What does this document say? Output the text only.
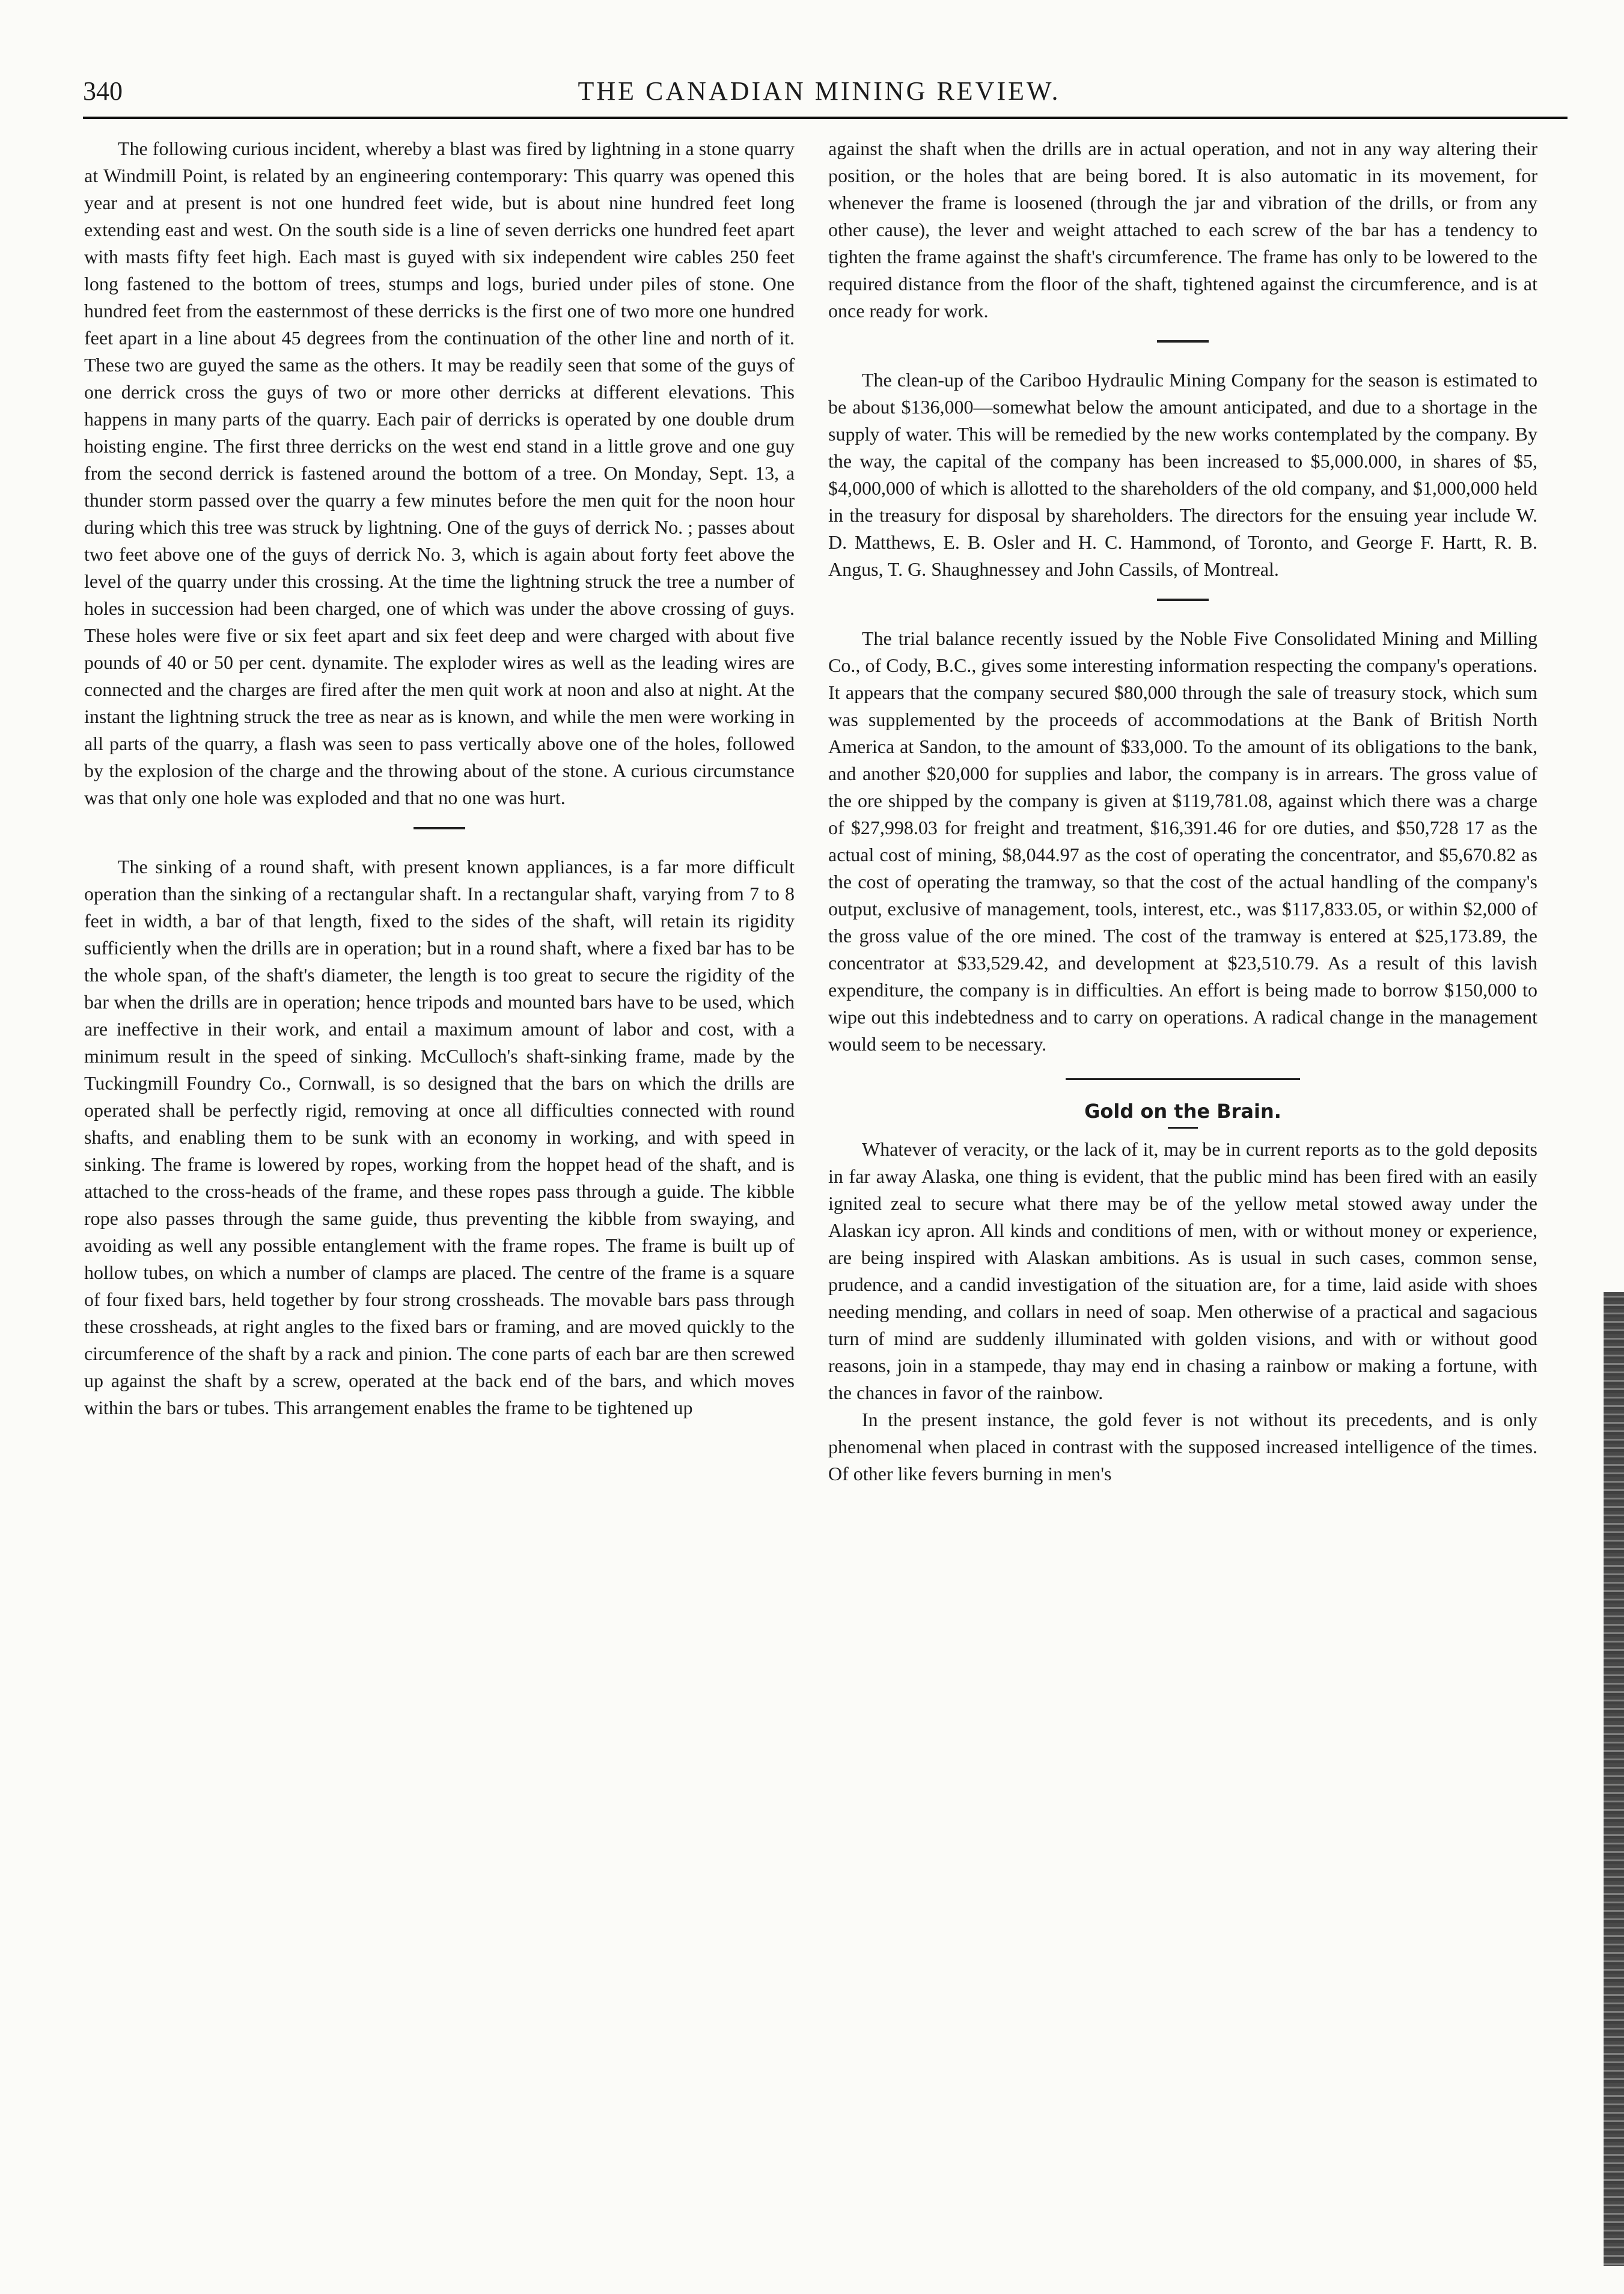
340	THE CANADIAN MINING REVIEW.

The following curious incident, whereby a blast was fired by lightning in a stone quarry at Windmill Point, is related by an engineering contemporary: This quarry was opened this year and at present is not one hundred feet wide, but is about nine hundred feet long extending east and west. On the south side is a line of seven derricks one hundred feet apart with masts fifty feet high. Each mast is guyed with six independent wire cables 250 feet long fastened to the bottom of trees, stumps and logs, buried under piles of stone. One hundred feet from the easternmost of these derricks is the first one of two more one hundred feet apart in a line about 45 degrees from the continuation of the other line and north of it. These two are guyed the same as the others. It may be readily seen that some of the guys of one derrick cross the guys of two or more other derricks at different elevations. This happens in many parts of the quarry. Each pair of derricks is operated by one double drum hoisting engine. The first three derricks on the west end stand in a little grove and one guy from the second derrick is fastened around the bottom of a tree. On Monday, Sept. 13, a thunder storm passed over the quarry a few minutes before the men quit for the noon hour during which this tree was struck by lightning. One of the guys of derrick No. ; passes about two feet above one of the guys of derrick No. 3, which is again about forty feet above the level of the quarry under this crossing. At the time the lightning struck the tree a number of holes in succession had been charged, one of which was under the above crossing of guys. These holes were five or six feet apart and six feet deep and were charged with about five pounds of 40 or 50 per cent. dynamite. The exploder wires as well as the leading wires are connected and the charges are fired after the men quit work at noon and also at night. At the instant the lightning struck the tree as near as is known, and while the men were working in all parts of the quarry, a flash was seen to pass vertically above one of the holes, followed by the explosion of the charge and the throwing about of the stone. A curious circumstance was that only one hole was exploded and that no one was hurt.

The sinking of a round shaft, with present known appliances, is a far more difficult operation than the sinking of a rectangular shaft. In a rectangular shaft, varying from 7 to 8 feet in width, a bar of that length, fixed to the sides of the shaft, will retain its rigidity sufficiently when the drills are in operation; but in a round shaft, where a fixed bar has to be the whole span, of the shaft's diameter, the length is too great to secure the rigidity of the bar when the drills are in operation; hence tripods and mounted bars have to be used, which are ineffective in their work, and entail a maximum amount of labor and cost, with a minimum result in the speed of sinking. McCulloch's shaft-sinking frame, made by the Tuckingmill Foundry Co., Cornwall, is so designed that the bars on which the drills are operated shall be perfectly rigid, removing at once all difficulties connected with round shafts, and enabling them to be sunk with an economy in working, and with speed in sinking. The frame is lowered by ropes, working from the hoppet head of the shaft, and is attached to the cross-heads of the frame, and these ropes pass through a guide. The kibble rope also passes through the same guide, thus preventing the kibble from swaying, and avoiding as well any possible entanglement with the frame ropes. The frame is built up of hollow tubes, on which a number of clamps are placed. The centre of the frame is a square of four fixed bars, held together by four strong crossheads. The movable bars pass through these crossheads, at right angles to the fixed bars or framing, and are moved quickly to the circumference of the shaft by a rack and pinion. The cone parts of each bar are then screwed up against the shaft by a screw, operated at the back end of the bars, and which moves within the bars or tubes. This arrangement enables the frame to be tightened up

against the shaft when the drills are in actual operation, and not in any way altering their position, or the holes that are being bored. It is also automatic in its movement, for whenever the frame is loosened (through the jar and vibration of the drills, or from any other cause), the lever and weight attached to each screw of the bar has a tendency to tighten the frame against the shaft's circumference. The frame has only to be lowered to the required distance from the floor of the shaft, tightened against the circumference, and is at once ready for work.

The clean-up of the Cariboo Hydraulic Mining Company for the season is estimated to be about $136,000—somewhat below the amount anticipated, and due to a shortage in the supply of water. This will be remedied by the new works contemplated by the company. By the way, the capital of the company has been increased to $5,000.000, in shares of $5, $4,000,000 of which is allotted to the shareholders of the old company, and $1,000,000 held in the treasury for disposal by shareholders. The directors for the ensuing year include W. D. Matthews, E. B. Osler and H. C. Hammond, of Toronto, and George F. Hartt, R. B. Angus, T. G. Shaughnessey and John Cassils, of Montreal.

The trial balance recently issued by the Noble Five Consolidated Mining and Milling Co., of Cody, B.C., gives some interesting information respecting the company's operations. It appears that the company secured $80,000 through the sale of treasury stock, which sum was supplemented by the proceeds of accommodations at the Bank of British North America at Sandon, to the amount of $33,000. To the amount of its obligations to the bank, and another $20,000 for supplies and labor, the company is in arrears. The gross value of the ore shipped by the company is given at $119,781.08, against which there was a charge of $27,998.03 for freight and treatment, $16,391.46 for ore duties, and $50,728 17 as the actual cost of mining, $8,044.97 as the cost of operating the concentrator, and $5,670.82 as the cost of operating the tramway, so that the cost of the actual handling of the company's output, exclusive of management, tools, interest, etc., was $117,833.05, or within $2,000 of the gross value of the ore mined. The cost of the tramway is entered at $25,173.89, the concentrator at $33,529.42, and development at $23,510.79. As a result of this lavish expenditure, the company is in difficulties. An effort is being made to borrow $150,000 to wipe out this indebtedness and to carry on operations. A radical change in the management would seem to be necessary.

Gold on the Brain.

Whatever of veracity, or the lack of it, may be in current reports as to the gold deposits in far away Alaska, one thing is evident, that the public mind has been fired with an easily ignited zeal to secure what there may be of the yellow metal stowed away under the Alaskan icy apron. All kinds and conditions of men, with or without money or experience, are being inspired with Alaskan ambitions. As is usual in such cases, common sense, prudence, and a candid investigation of the situation are, for a time, laid aside with shoes needing mending, and collars in need of soap. Men otherwise of a practical and sagacious turn of mind are suddenly illuminated with golden visions, and with or without good reasons, join in a stampede, thay may end in chasing a rainbow or making a fortune, with the chances in favor of the rainbow.

In the present instance, the gold fever is not without its precedents, and is only phenomenal when placed in contrast with the supposed increased intelligence of the times. Of other like fevers burning in men's
